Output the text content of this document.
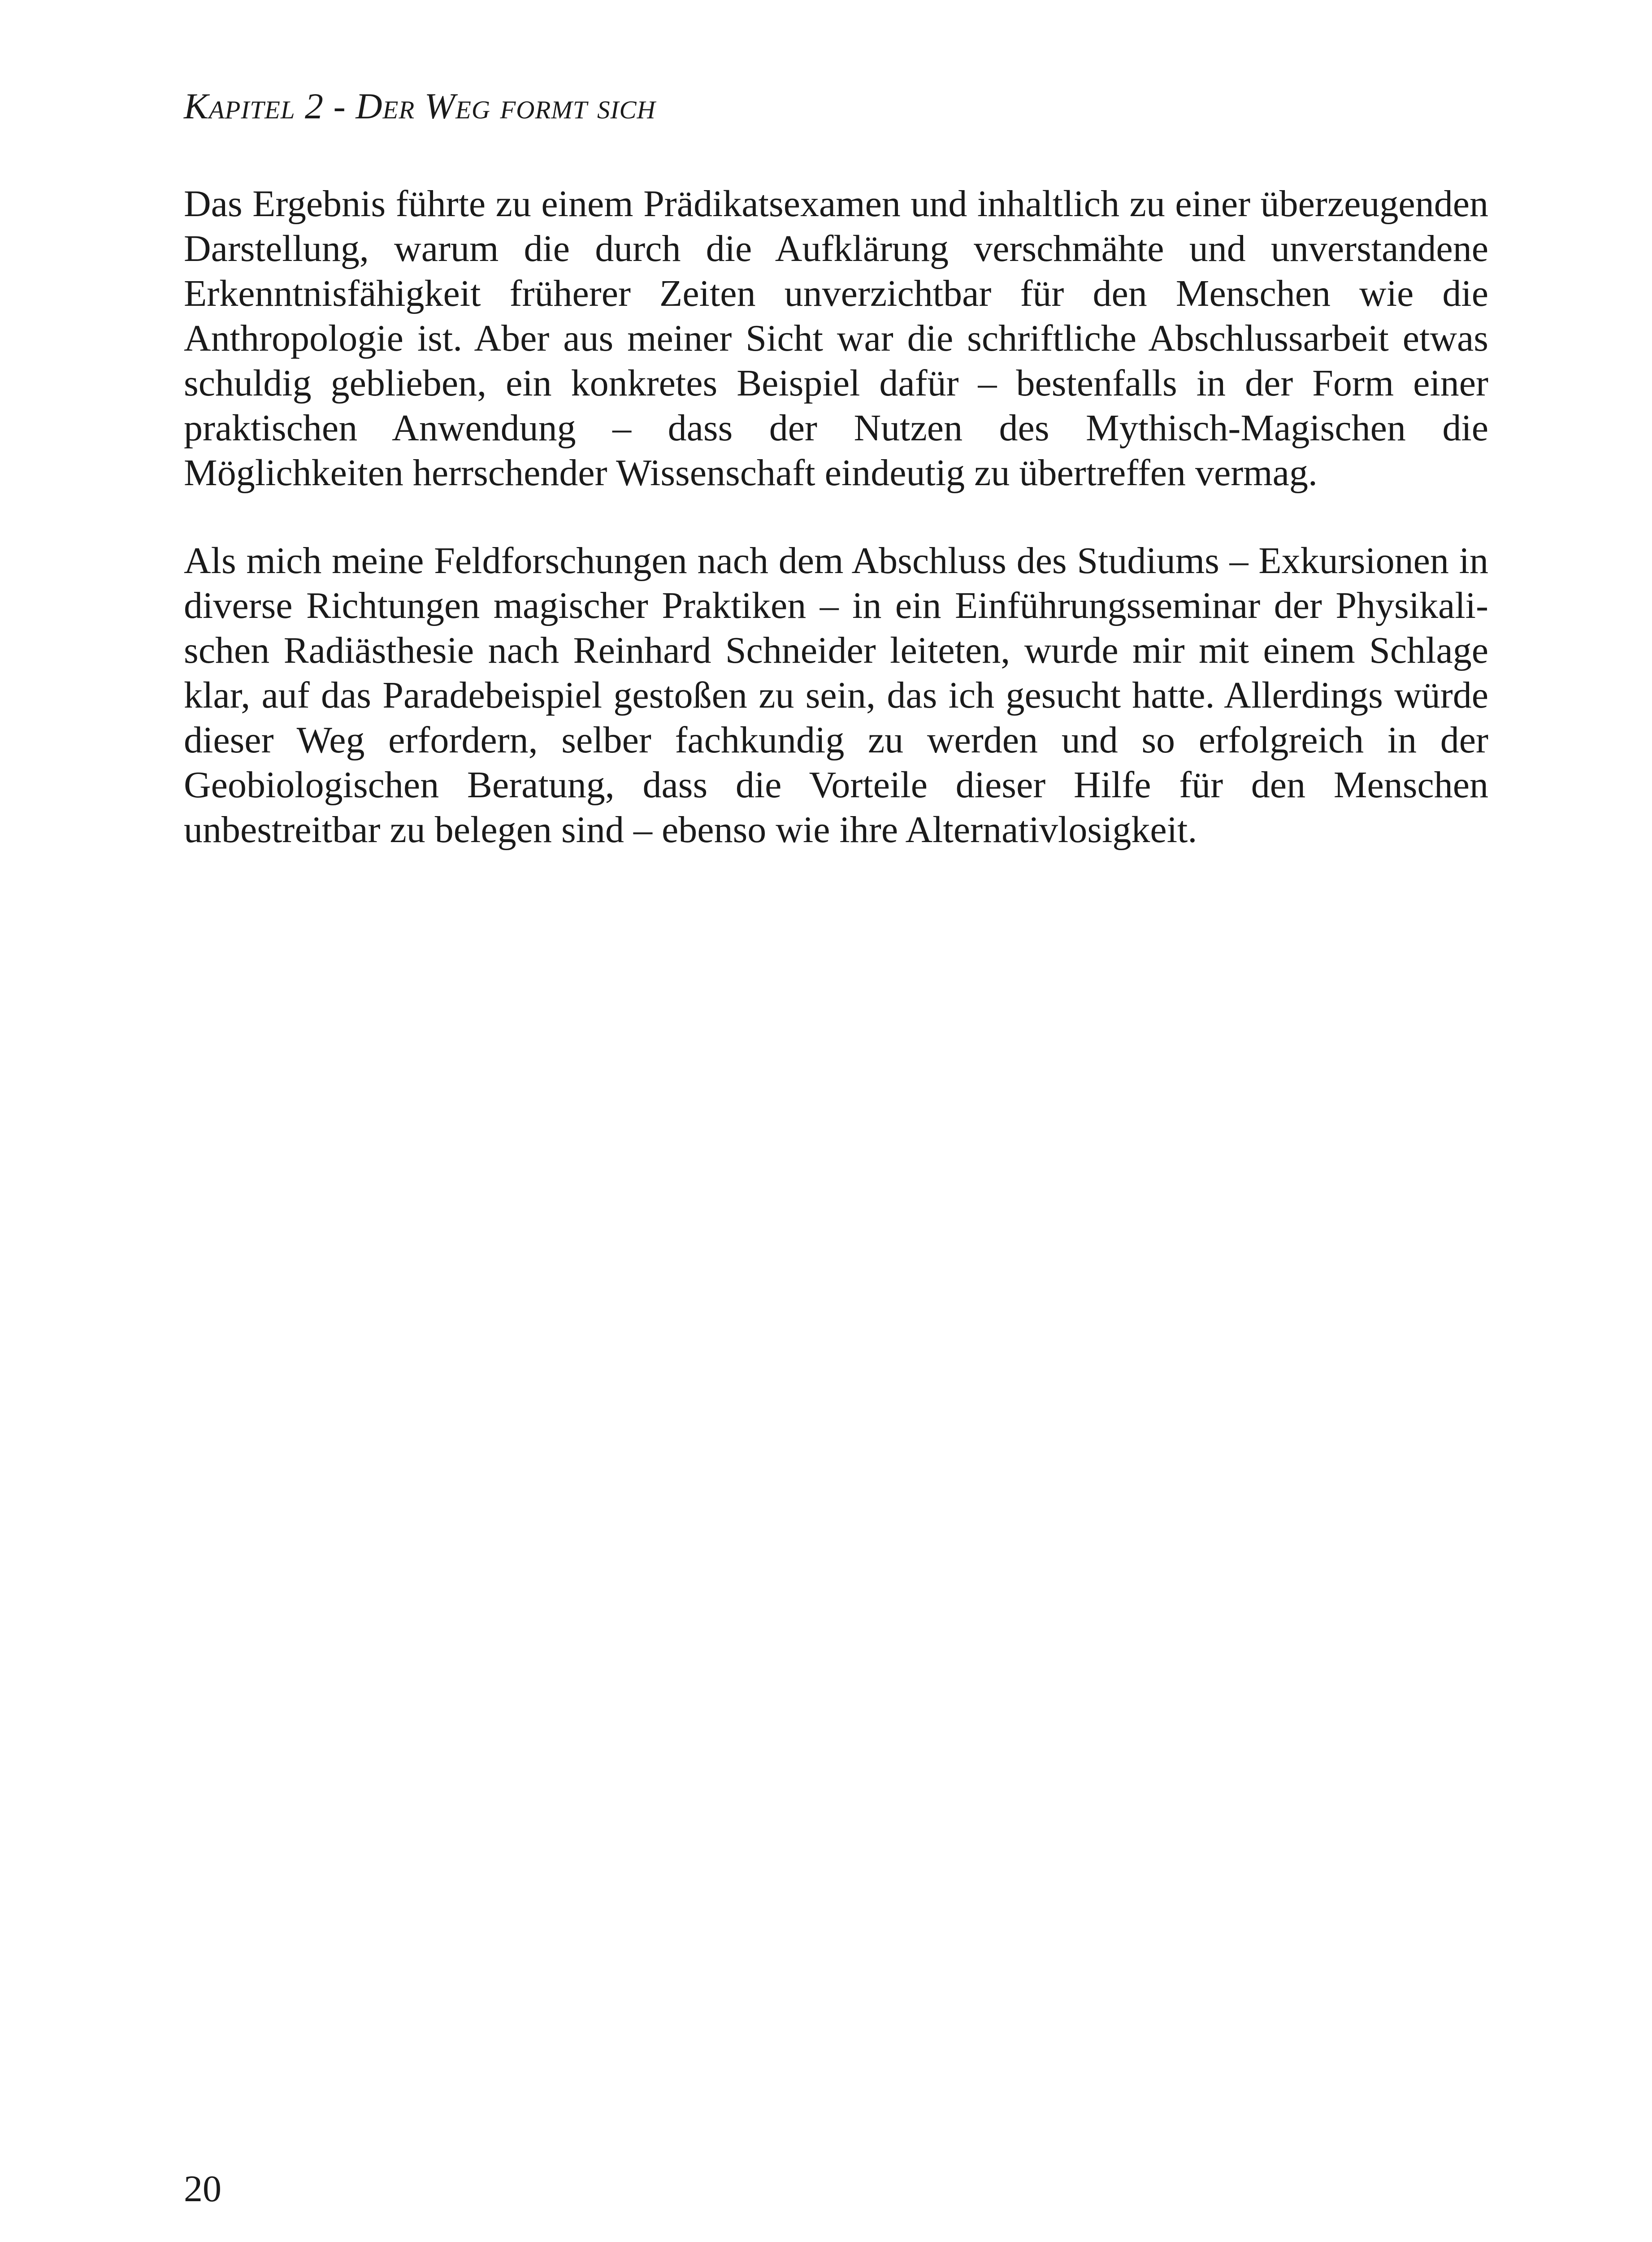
Kapitel 2 - Der Weg formt sich

Das Ergebnis führte zu einem Prädikatsexamen und inhaltlich zu einer überzeugenden Darstellung, warum die durch die Aufklärung verschmähte und unverstandene Erkenntnisfähigkeit früherer Zeiten unverzichtbar für den Menschen wie die Anthropologie ist. Aber aus meiner Sicht war die schriftliche Abschlussarbeit etwas schuldig geblieben, ein konkretes Beispiel dafür – bestenfalls in der Form einer praktischen Anwendung – dass der Nutzen des Mythisch-Magischen die Möglichkeiten herrschender Wissenschaft eindeutig zu übertreffen vermag.

Als mich meine Feldforschungen nach dem Abschluss des Studiums – Exkursionen in diverse Richtungen magischer Praktiken – in ein Einführungsseminar der Physikalischen Radiästhesie nach Reinhard Schneider leiteten, wurde mir mit einem Schlage klar, auf das Paradebeispiel gestoßen zu sein, das ich gesucht hatte. Allerdings würde dieser Weg erfordern, selber fachkundig zu werden und so erfolgreich in der Geobiologischen Beratung, dass die Vorteile dieser Hilfe für den Menschen unbestreitbar zu belegen sind – ebenso wie ihre Alternativlosigkeit.

20
